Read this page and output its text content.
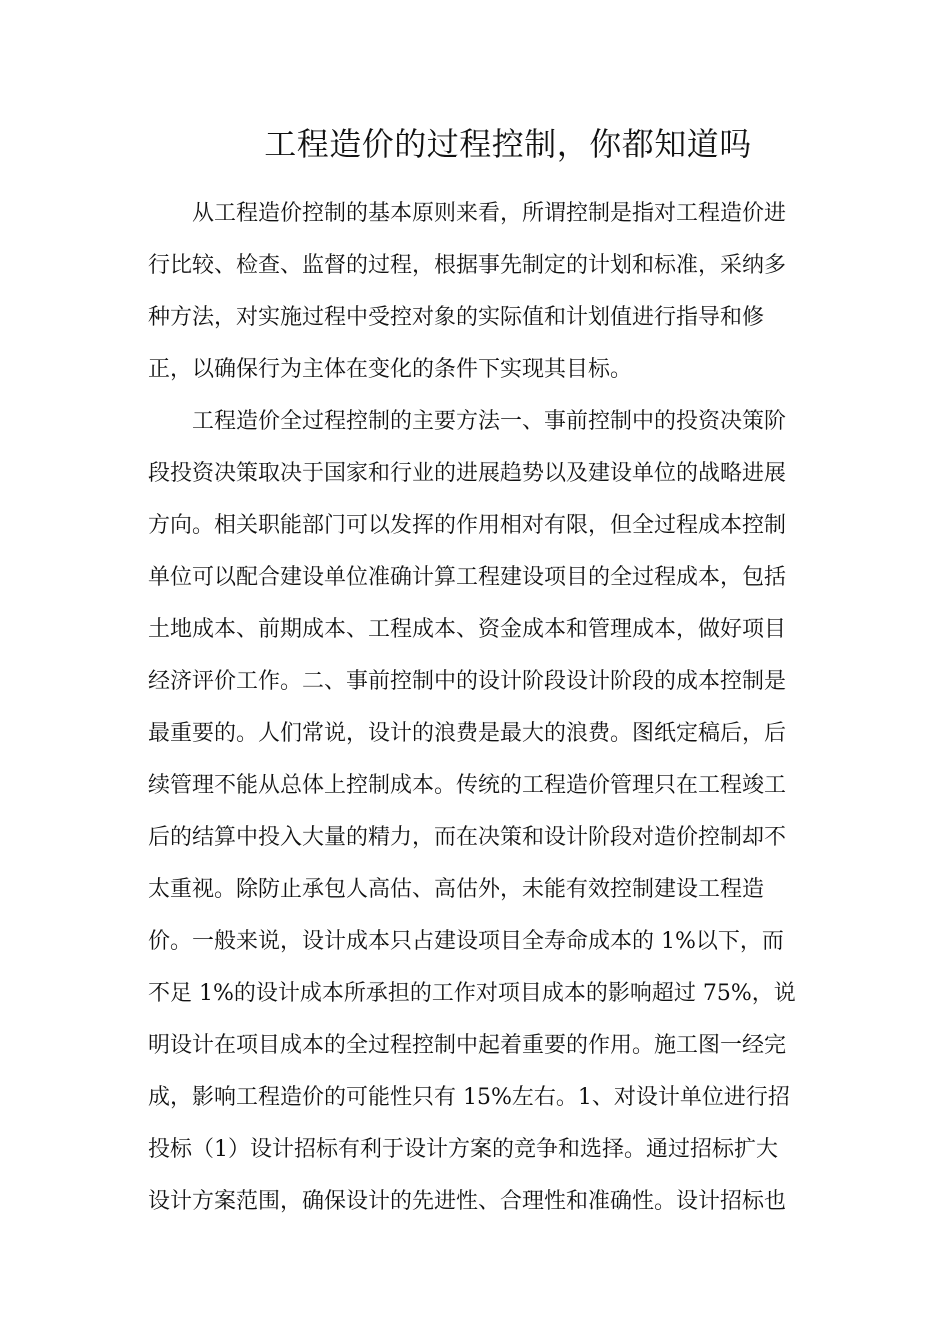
工程造价的过程控制，你都知道吗
从工程造价控制的基本原则来看，所谓控制是指对工程造价进
行比较、检查、监督的过程，根据事先制定的计划和标准，采纳多
种方法，对实施过程中受控对象的实际值和计划值进行指导和修
正，以确保行为主体在变化的条件下实现其目标。
工程造价全过程控制的主要方法一、事前控制中的投资决策阶
段投资决策取决于国家和行业的进展趋势以及建设单位的战略进展
方向。相关职能部门可以发挥的作用相对有限，但全过程成本控制
单位可以配合建设单位准确计算工程建设项目的全过程成本，包括
土地成本、前期成本、工程成本、资金成本和管理成本，做好项目
经济评价工作。二、事前控制中的设计阶段设计阶段的成本控制是
最重要的。人们常说，设计的浪费是最大的浪费。图纸定稿后，后
续管理不能从总体上控制成本。传统的工程造价管理只在工程竣工
后的结算中投入大量的精力，而在决策和设计阶段对造价控制却不
太重视。除防止承包人高估、高估外，未能有效控制建设工程造
价。一般来说，设计成本只占建设项目全寿命成本的 1%以下，而
不足 1%的设计成本所承担的工作对项目成本的影响超过 75%，说
明设计在项目成本的全过程控制中起着重要的作用。施工图一经完
成，影响工程造价的可能性只有 15%左右。1、对设计单位进行招
投标（1）设计招标有利于设计方案的竞争和选择。通过招标扩大
设计方案范围，确保设计的先进性、合理性和准确性。设计招标也
